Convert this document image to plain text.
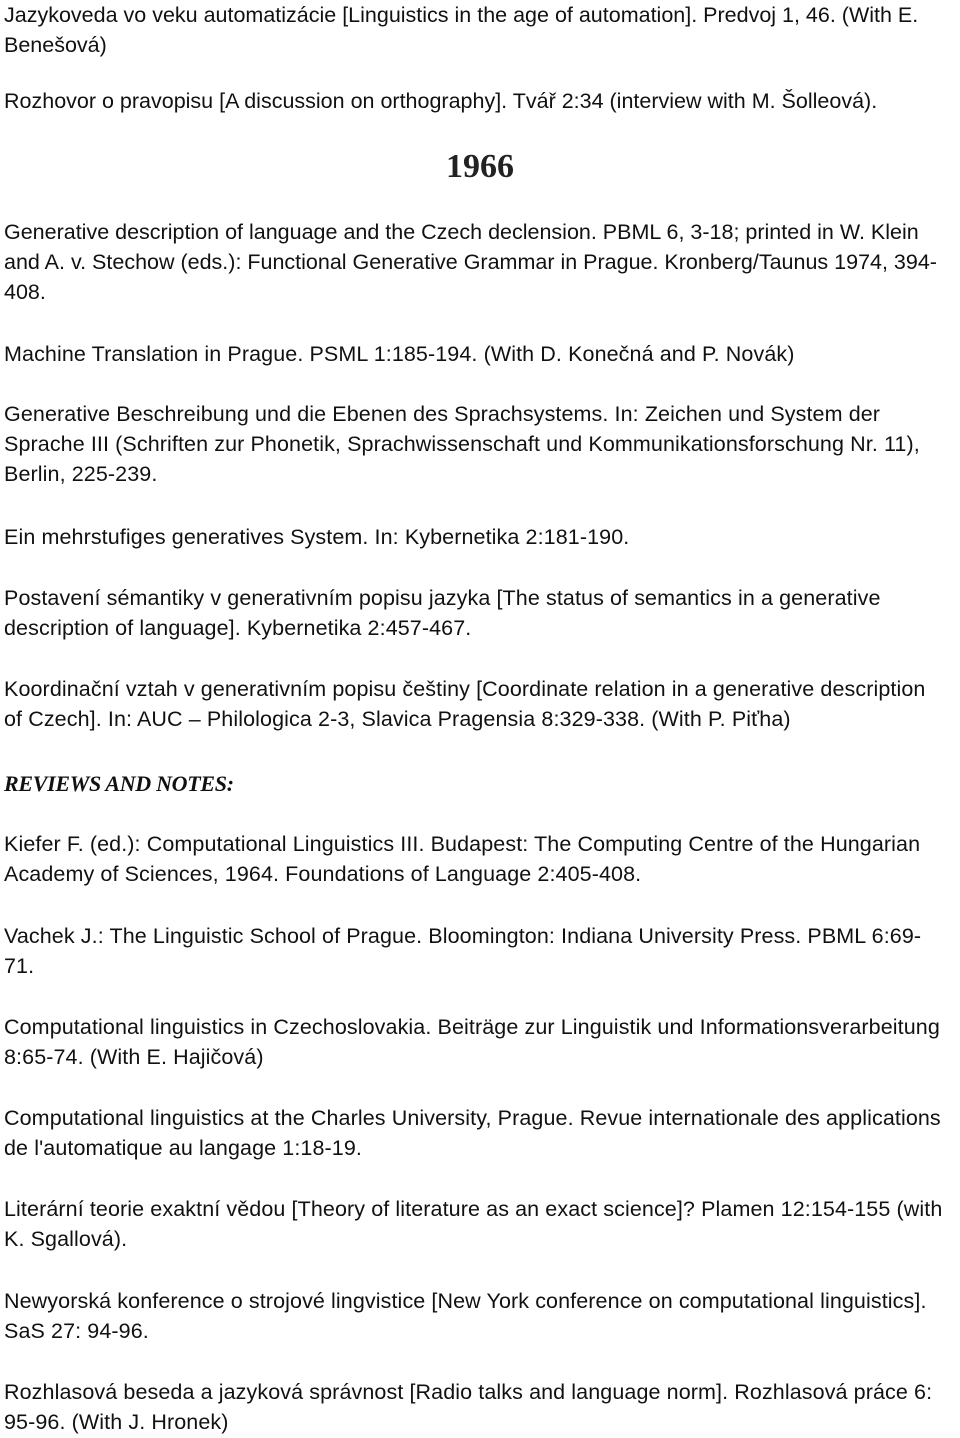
Jazykoveda vo veku automatizácie [Linguistics in the age of automation]. Predvoj 1, 46. (With E. Benešová)

Rozhovor o pravopisu [A discussion on orthography]. Tvář 2:34 (interview with M. Šolleová).

1966

Generative description of language and the Czech declension. PBML 6, 3-18; printed in W. Klein and A. v. Stechow (eds.): Functional Generative Grammar in Prague. Kronberg/Taunus 1974, 394-408.

Machine Translation in Prague. PSML 1:185-194. (With D. Konečná and P. Novák)

Generative Beschreibung und die Ebenen des Sprachsystems. In: Zeichen und System der Sprache III (Schriften zur Phonetik, Sprachwissenschaft und Kommunikationsforschung Nr. 11), Berlin, 225-239.

Ein mehrstufiges generatives System. In: Kybernetika 2:181-190.

Postavení sémantiky v generativním popisu jazyka [The status of semantics in a generative description of language]. Kybernetika 2:457-467.

Koordinační vztah v generativním popisu češtiny [Coordinate relation in a generative description of Czech]. In: AUC – Philologica 2-3, Slavica Pragensia 8:329-338. (With P. Piťha)

REVIEWS AND NOTES:

Kiefer F. (ed.): Computational Linguistics III. Budapest: The Computing Centre of the Hungarian Academy of Sciences, 1964. Foundations of Language 2:405-408.

Vachek J.: The Linguistic School of Prague. Bloomington: Indiana University Press. PBML 6:69-71.

Computational linguistics in Czechoslovakia. Beiträge zur Linguistik und Informationsverarbeitung 8:65-74. (With E. Hajičová)

Computational linguistics at the Charles University, Prague. Revue internationale des applications de l'automatique au langage 1:18-19.

Literární teorie exaktní vědou [Theory of literature as an exact science]? Plamen 12:154-155 (with K. Sgallová).

Newyorská konference o strojové lingvistice [New York conference on computational linguistics]. SaS 27: 94-96.

Rozhlasová beseda a jazyková správnost [Radio talks and language norm]. Rozhlasová práce 6: 95-96. (With J. Hronek)
